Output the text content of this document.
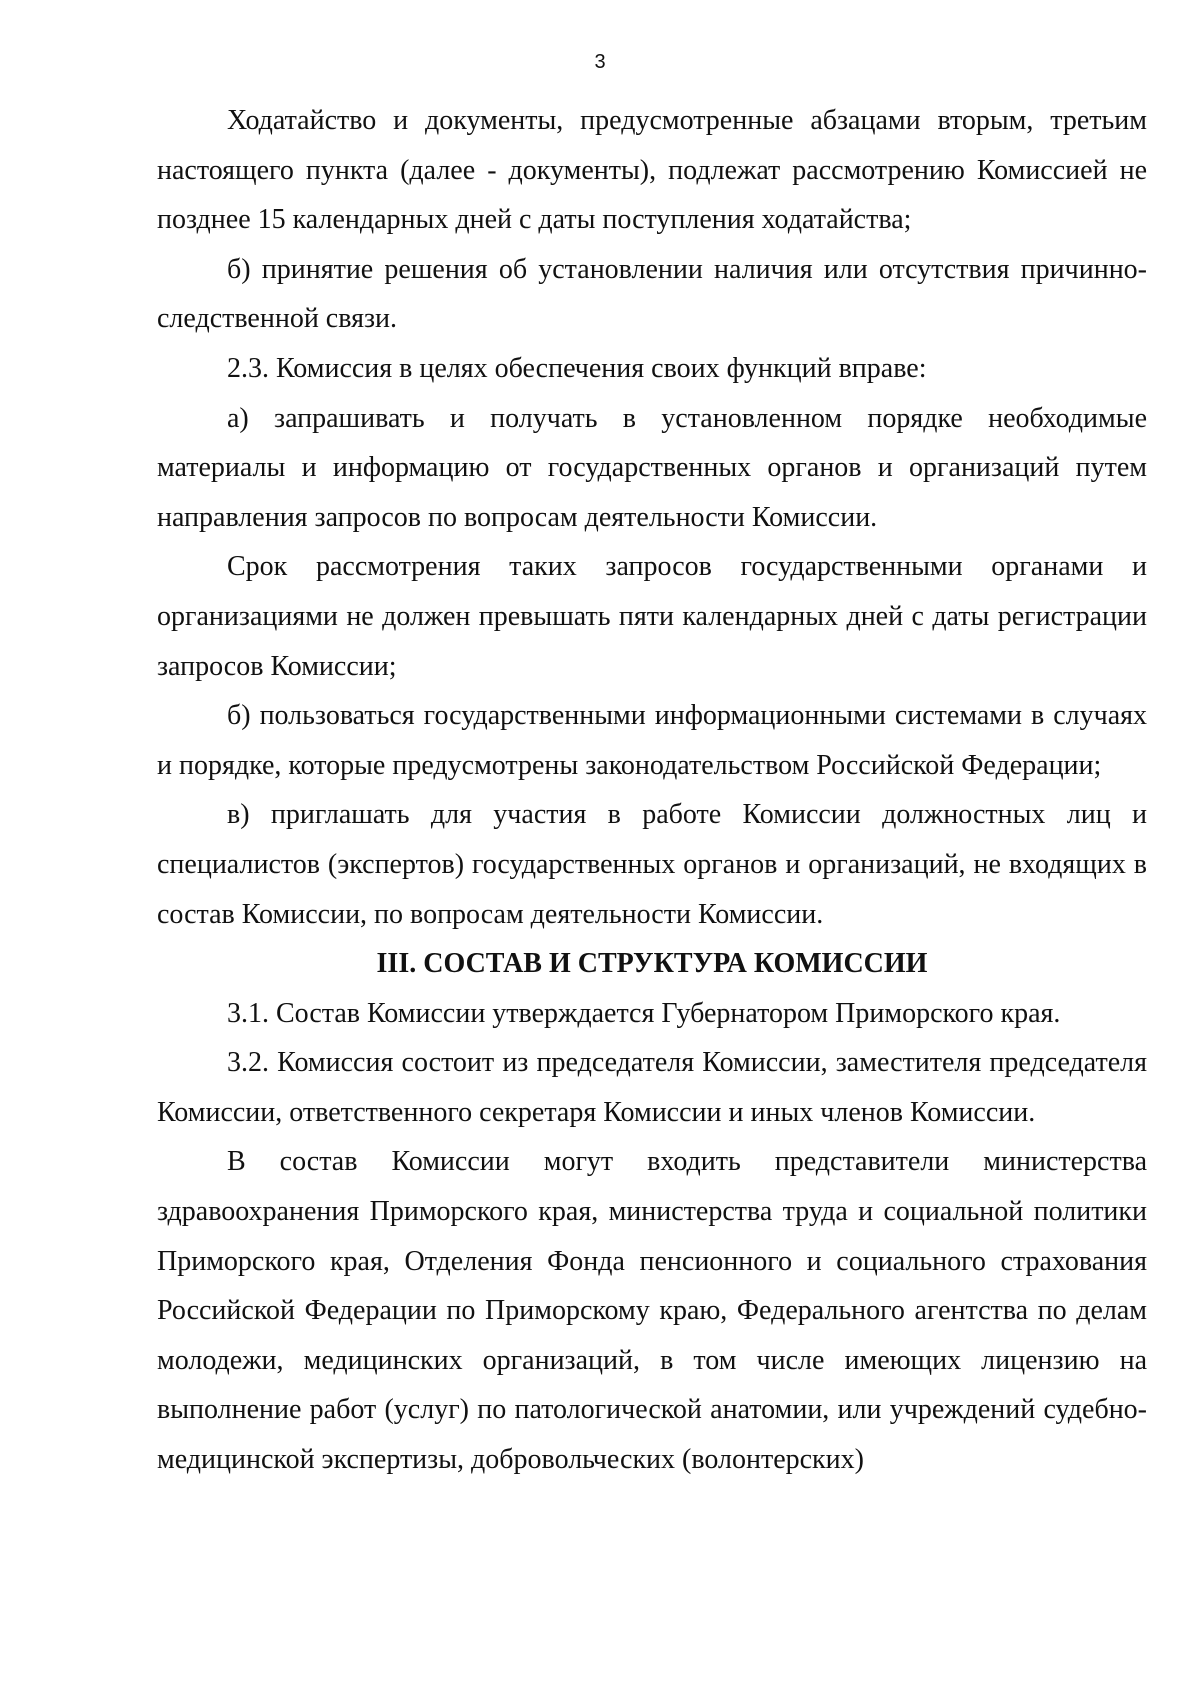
3

Ходатайство и документы, предусмотренные абзацами вторым, третьим настоящего пункта (далее - документы), подлежат рассмотрению Комиссией не позднее 15 календарных дней с даты поступления ходатайства;

б) принятие решения об установлении наличия или отсутствия причинно-следственной связи.

2.3. Комиссия в целях обеспечения своих функций вправе:

а) запрашивать и получать в установленном порядке необходимые материалы и информацию от государственных органов и организаций путем направления запросов по вопросам деятельности Комиссии.

Срок рассмотрения таких запросов государственными органами и организациями не должен превышать пяти календарных дней с даты регистрации запросов Комиссии;

б) пользоваться государственными информационными системами в случаях и порядке, которые предусмотрены законодательством Российской Федерации;

в) приглашать для участия в работе Комиссии должностных лиц и специалистов (экспертов) государственных органов и организаций, не входящих в состав Комиссии, по вопросам деятельности Комиссии.

III. СОСТАВ И СТРУКТУРА КОМИССИИ

3.1. Состав Комиссии утверждается Губернатором Приморского края.

3.2. Комиссия состоит из председателя Комиссии, заместителя председателя Комиссии, ответственного секретаря Комиссии и иных членов Комиссии.

В состав Комиссии могут входить представители министерства здравоохранения Приморского края, министерства труда и социальной политики Приморского края, Отделения Фонда пенсионного и социального страхования Российской Федерации по Приморскому краю, Федерального агентства по делам молодежи, медицинских организаций, в том числе имеющих лицензию на выполнение работ (услуг) по патологической анатомии, или учреждений судебно-медицинской экспертизы, добровольческих (волонтерских)
